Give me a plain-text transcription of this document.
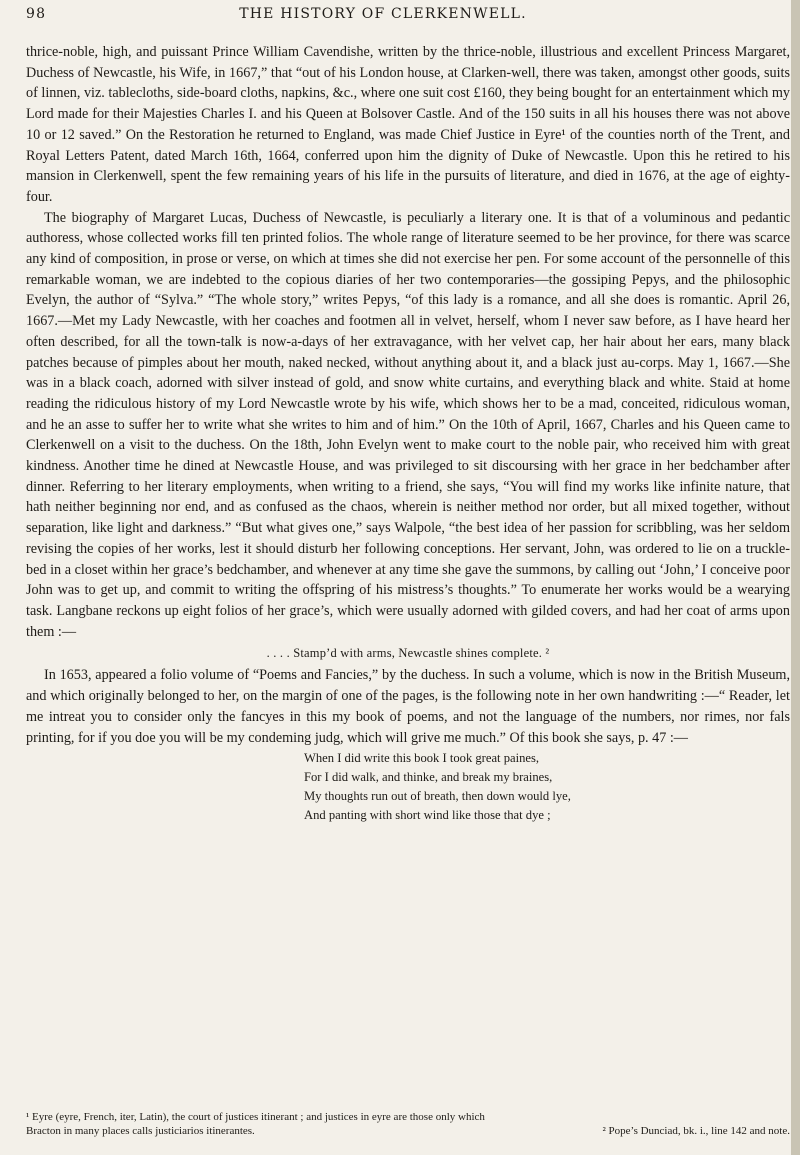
98	THE HISTORY OF CLERKENWELL.

thrice-noble, high, and puissant Prince William Cavendishe, written by the thrice-noble, illustrious and excellent Princess Margaret, Duchess of Newcastle, his Wife, in 1667,” that “out of his London house, at Clarken-well, there was taken, amongst other goods, suits of linnen, viz. tablecloths, side-board cloths, napkins, &c., where one suit cost £160, they being bought for an entertainment which my Lord made for their Majesties Charles I. and his Queen at Bolsover Castle. And of the 150 suits in all his houses there was not above 10 or 12 saved.” On the Restoration he returned to England, was made Chief Justice in Eyre¹ of the counties north of the Trent, and Royal Letters Patent, dated March 16th, 1664, conferred upon him the dignity of Duke of Newcastle. Upon this he retired to his mansion in Clerkenwell, spent the few remaining years of his life in the pursuits of literature, and died in 1676, at the age of eighty-four.

The biography of Margaret Lucas, Duchess of Newcastle, is peculiarly a literary one. It is that of a voluminous and pedantic authoress, whose collected works fill ten printed folios. The whole range of literature seemed to be her province, for there was scarce any kind of composition, in prose or verse, on which at times she did not exercise her pen. For some account of the personnelle of this remarkable woman, we are indebted to the copious diaries of her two contemporaries—the gossiping Pepys, and the philosophic Evelyn, the author of “Sylva.” “The whole story,” writes Pepys, “of this lady is a romance, and all she does is romantic. April 26, 1667.—Met my Lady Newcastle, with her coaches and footmen all in velvet, herself, whom I never saw before, as I have heard her often described, for all the town-talk is now-a-days of her extravagance, with her velvet cap, her hair about her ears, many black patches because of pimples about her mouth, naked necked, without anything about it, and a black just au-corps. May 1, 1667.—She was in a black coach, adorned with silver instead of gold, and snow white curtains, and everything black and white. Staid at home reading the ridiculous history of my Lord Newcastle wrote by his wife, which shows her to be a mad, conceited, ridiculous woman, and he an asse to suffer her to write what she writes to him and of him.” On the 10th of April, 1667, Charles and his Queen came to Clerkenwell on a visit to the duchess. On the 18th, John Evelyn went to make court to the noble pair, who received him with great kindness. Another time he dined at Newcastle House, and was privileged to sit discoursing with her grace in her bedchamber after dinner. Referring to her literary employments, when writing to a friend, she says, “You will find my works like infinite nature, that hath neither beginning nor end, and as confused as the chaos, wherein is neither method nor order, but all mixed together, without separation, like light and darkness.” “But what gives one,” says Walpole, “the best idea of her passion for scribbling, was her seldom revising the copies of her works, lest it should disturb her following conceptions. Her servant, John, was ordered to lie on a truckle-bed in a closet within her grace’s bedchamber, and whenever at any time she gave the summons, by calling out ‘John,’ I conceive poor John was to get up, and commit to writing the offspring of his mistress’s thoughts.” To enumerate her works would be a wearying task. Langbane reckons up eight folios of her grace’s, which were usually adorned with gilded covers, and had her coat of arms upon them :—

. . . . Stamp’d with arms, Newcastle shines complete. ²

In 1653, appeared a folio volume of “Poems and Fancies,” by the duchess. In such a volume, which is now in the British Museum, and which originally belonged to her, on the margin of one of the pages, is the following note in her own handwriting :—“ Reader, let me intreat you to consider only the fancyes in this my book of poems, and not the language of the numbers, nor rimes, nor fals printing, for if you doe you will be my condeming judg, which will grive me much.” Of this book she says, p. 47 :—

When I did write this book I took great paines,
For I did walk, and thinke, and break my braines,
My thoughts run out of breath, then down would lye,
And panting with short wind like those that dye ;
¹ Eyre (eyre, French, iter, Latin), the court of justices itinerant ; and justices in eyre are those only which
Bracton in many places calls justiciarios itinerantes.	² Pope’s Dunciad, bk. i., line 142 and note.
